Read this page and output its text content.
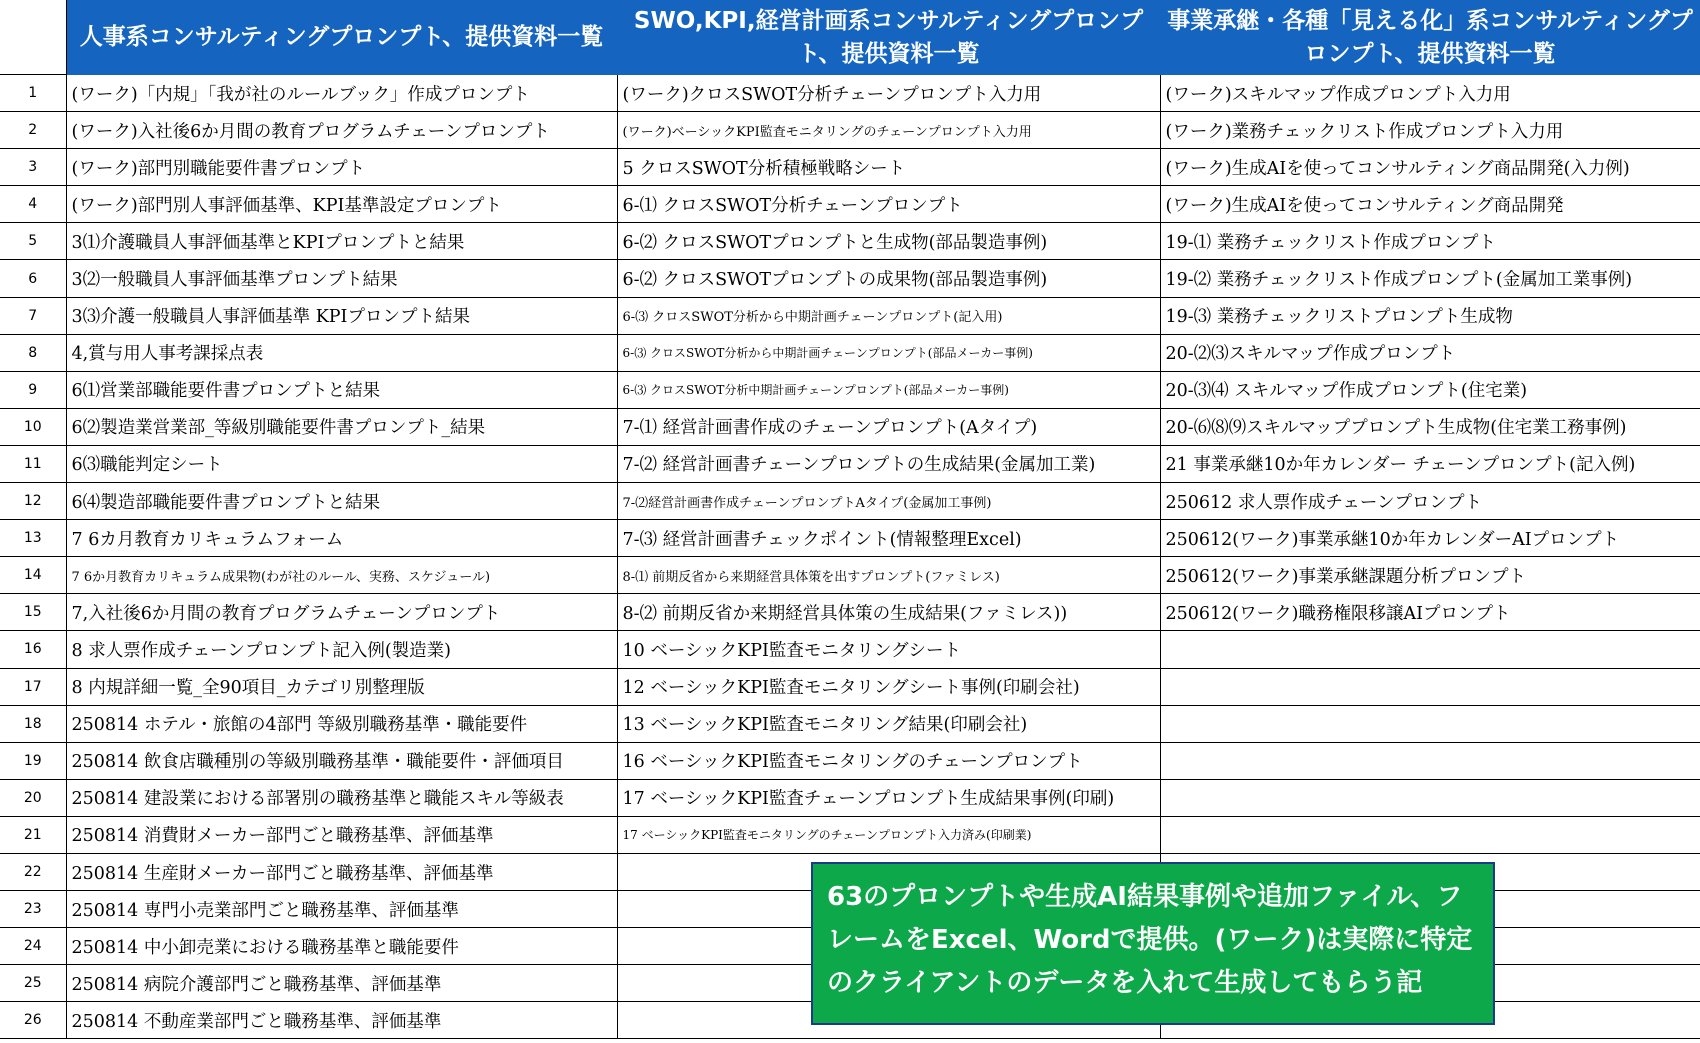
	人事系コンサルティングプロンプト、提供資料一覧	SWO,KPI,経営計画系コンサルティングプロンプト、提供資料一覧	事業承継・各種「見える化」系コンサルティングプロンプト、提供資料一覧
1	(ワーク)「内規」「我が社のルールブック」作成プロンプト	(ワーク)クロスSWOT分析チェーンプロンプト入力用	(ワーク)スキルマップ作成プロンプト入力用
2	(ワーク)入社後6か月間の教育プログラムチェーンプロンプト	(ワーク)ベーシックKPI監査モニタリングのチェーンプロンプト入力用	(ワーク)業務チェックリスト作成プロンプト入力用
3	(ワーク)部門別職能要件書プロンプト	5 クロスSWOT分析積極戦略シート	(ワーク)生成AIを使ってコンサルティング商品開発(入力例)
4	(ワーク)部門別人事評価基準、KPI基準設定プロンプト	6-⑴ クロスSWOT分析チェーンプロンプト	(ワーク)生成AIを使ってコンサルティング商品開発
5	3⑴介護職員人事評価基準とKPIプロンプトと結果	6-⑵ クロスSWOTプロンプトと生成物(部品製造事例)	19-⑴ 業務チェックリスト作成プロンプト
6	3⑵一般職員人事評価基準プロンプト結果	6-⑵ クロスSWOTプロンプトの成果物(部品製造事例)	19-⑵ 業務チェックリスト作成プロンプト(金属加工業事例)
7	3⑶介護一般職員人事評価基準 KPIプロンプト結果	6-⑶ クロスSWOT分析から中期計画チェーンプロンプト(記入用)	19-⑶ 業務チェックリストプロンプト生成物
8	4,賞与用人事考課採点表	6-⑶ クロスSWOT分析から中期計画チェーンプロンプト(部品メーカー事例)	20-⑵⑶スキルマップ作成プロンプト
9	6⑴営業部職能要件書プロンプトと結果	6-⑶ クロスSWOT分析中期計画チェーンプロンプト(部品メーカー事例)	20-⑶⑷ スキルマップ作成プロンプト(住宅業)
10	6⑵製造業営業部_等級別職能要件書プロンプト_結果	7-⑴ 経営計画書作成のチェーンプロンプト(Aタイプ)	20-⑹⑻⑼スキルマッププロンプト生成物(住宅業工務事例)
11	6⑶職能判定シート	7-⑵ 経営計画書チェーンプロンプトの生成結果(金属加工業)	21 事業承継10か年カレンダー チェーンプロンプト(記入例)
12	6⑷製造部職能要件書プロンプトと結果	7-⑵経営計画書作成チェーンプロンプトAタイプ(金属加工事例)	250612 求人票作成チェーンプロンプト
13	7 6カ月教育カリキュラムフォーム	7-⑶ 経営計画書チェックポイント(情報整理Excel)	250612(ワーク)事業承継10か年カレンダーAIプロンプト
14	7 6か月教育カリキュラム成果物(わが社のルール、実務、スケジュール)	8-⑴ 前期反省から来期経営具体策を出すプロンプト(ファミレス)	250612(ワーク)事業承継課題分析プロンプト
15	7,入社後6か月間の教育プログラムチェーンプロンプト	8-⑵ 前期反省か来期経営具体策の生成結果(ファミレス))	250612(ワーク)職務権限移譲AIプロンプト
16	8 求人票作成チェーンプロンプト記入例(製造業)	10 ベーシックKPI監査モニタリングシート	
17	8 内規詳細一覧_全90項目_カテゴリ別整理版	12 ベーシックKPI監査モニタリングシート事例(印刷会社)	
18	250814 ホテル・旅館の4部門 等級別職務基準・職能要件	13 ベーシックKPI監査モニタリング結果(印刷会社)	
19	250814 飲食店職種別の等級別職務基準・職能要件・評価項目	16 ベーシックKPI監査モニタリングのチェーンプロンプト	
20	250814 建設業における部署別の職務基準と職能スキル等級表	17 ベーシックKPI監査チェーンプロンプト生成結果事例(印刷)	
21	250814 消費財メーカー部門ごと職務基準、評価基準	17 ベーシックKPI監査モニタリングのチェーンプロンプト入力済み(印刷業)	
22	250814 生産財メーカー部門ごと職務基準、評価基準		
23	250814 専門小売業部門ごと職務基準、評価基準		
24	250814 中小卸売業における職務基準と職能要件		
25	250814 病院介護部門ごと職務基準、評価基準		
26	250814 不動産業部門ごと職務基準、評価基準		
63のプロンプトや生成AI結果事例や追加ファイル、フレームをExcel、Wordで提供。(ワーク)は実際に特定のクライアントのデータを入れて生成してもらう記
